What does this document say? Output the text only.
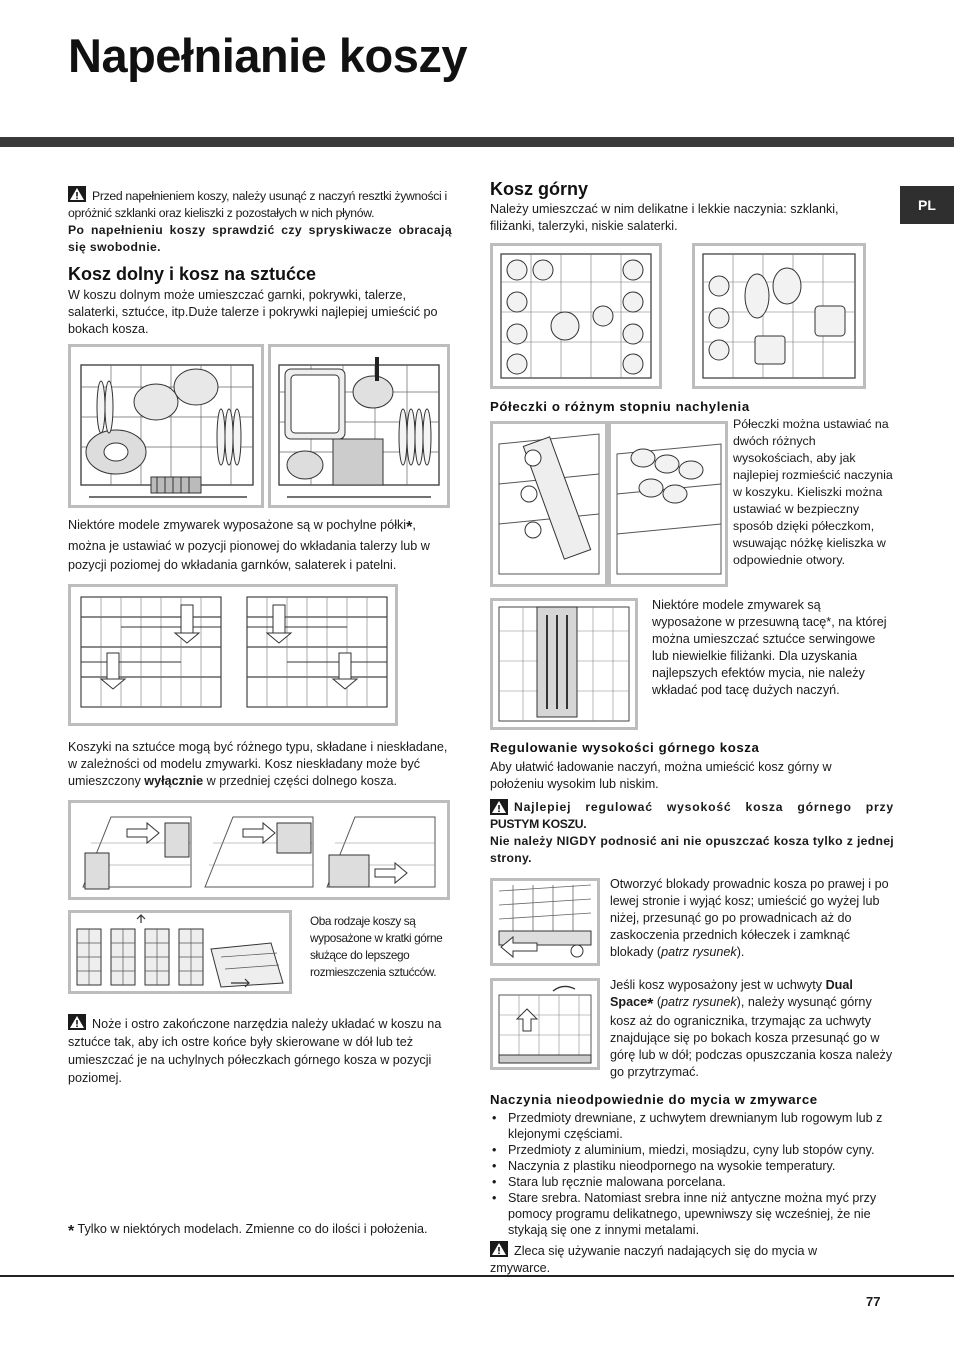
Napełnianie koszy
PL
Przed napełnieniem koszy, należy usunąć z naczyń resztki żywności i opróżnić szklanki oraz kieliszki z pozostałych w nich płynów.
Po napełnieniu koszy sprawdzić czy spryskiwacze obracają się swobodnie.
Kosz dolny i kosz na sztućce
W koszu dolnym może umieszczać garnki, pokrywki, talerze, salaterki, sztućce, itp.Duże talerze i pokrywki najlepiej umieścić po bokach kosza.
Niektóre modele zmywarek wyposażone są w pochylne półki*, można je ustawiać w pozycji pionowej do wkładania talerzy lub w pozycji poziomej do wkładania garnków, salaterek i patelni.
Koszyki na sztućce mogą być różnego typu, składane i nieskładane, w zależności od modelu zmywarki. Kosz nieskładany może być umieszczony wyłącznie w przedniej części dolnego kosza.
Oba rodzaje koszy są wyposażone w kratki górne służące do lepszego rozmieszczenia sztućców.
Noże i ostro zakończone narzędzia należy układać w koszu na sztućce tak, aby ich ostre końce były skierowane w dół lub też umieszczać je na uchylnych półeczkach górnego kosza w pozycji poziomej.
* Tylko w niektórych modelach. Zmienne co do ilości i położenia.
Kosz górny
Należy umieszczać w nim delikatne i lekkie naczynia: szklanki, filiżanki, talerzyki, niskie salaterki.
Półeczki o różnym stopniu nachylenia
Półeczki można ustawiać na dwóch różnych wysokościach, aby jak najlepiej rozmieścić naczynia w koszyku. Kieliszki można ustawiać w bezpieczny sposób dzięki półeczkom, wsuwając nóżkę kieliszka w odpowiednie otwory.
Niektóre modele zmywarek są wyposażone w przesuwną tacę*, na której można umieszczać sztućce serwingowe lub niewielkie filiżanki. Dla uzyskania najlepszych efektów mycia, nie należy wkładać pod tacę dużych naczyń.
Regulowanie wysokości górnego kosza
Aby ułatwić ładowanie naczyń, można umieścić kosz górny w położeniu wysokim lub niskim.
Najlepiej regulować wysokość kosza górnego przy
PUSTYM KOSZU.
Nie należy NIGDY podnosić ani nie opuszczać kosza tylko z jednej strony.
Otworzyć blokady prowadnic kosza po prawej i po lewej stronie i wyjąć kosz; umieścić go wyżej lub niżej, przesunąć go po prowadnicach aż do zaskoczenia przednich kółeczek i zamknąć blokady (patrz rysunek).
Jeśli kosz wyposażony jest w uchwyty Dual Space* (patrz rysunek), należy wysunąć górny kosz aż do ogranicznika, trzymając za uchwyty znajdujące się po bokach kosza przesunąć go w górę lub w dół; podczas opuszczania kosza należy go przytrzymać.
Naczynia nieodpowiednie do mycia w zmywarce
• Przedmioty drewniane, z uchwytem drewnianym lub rogowym lub z klejonymi częściami.
• Przedmioty z aluminium, miedzi, mosiądzu, cyny lub stopów cyny.
• Naczynia z plastiku nieodpornego na wysokie temperatury.
• Stara lub ręcznie malowana porcelana.
• Stare srebra. Natomiast srebra inne niż antyczne można myć przy pomocy programu delikatnego, upewniwszy się wcześniej, że nie stykają się one z innymi metalami.
Zleca się używanie naczyń nadających się do mycia w zmywarce.
77
